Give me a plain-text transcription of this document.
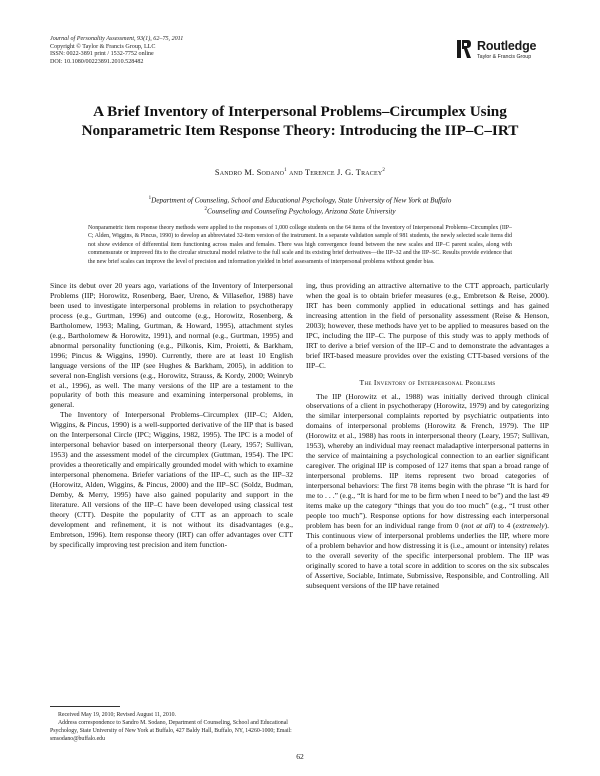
Journal of Personality Assessment, 93(1), 62–75, 2011
Copyright © Taylor & Francis Group, LLC
ISSN: 0022-3891 print / 1532-7752 online
DOI: 10.1080/00223891.2010.528482
Routledge
Taylor & Francis Group
A Brief Inventory of Interpersonal Problems–Circumplex Using Nonparametric Item Response Theory: Introducing the IIP–C–IRT
Sandro M. Sodano$^1$ and Terence J. G. Tracey$^2$
$^1$Department of Counseling, School and Educational Psychology, State University of New York at Buffalo
$^2$Counseling and Counseling Psychology, Arizona State University
Nonparametric item response theory methods were applied to the responses of 1,000 college students on the 64 items of the Inventory of Interpersonal Problems–Circumplex (IIP–C; Alden, Wiggins, & Pincus, 1990) to develop an abbreviated 32-item version of the instrument. In a separate validation sample of 981 students, the newly selected scale items did not show evidence of differential item functioning across males and females. There was high convergence found between the new scales and IIP–C parent scales, along with commensurate or improved fits to the circular structural model relative to the full scale and its existing brief derivatives—the IIP–32 and the IIP–SC. Results provide evidence that the new brief scales can improve the level of precision and information yielded in brief assessments of interpersonal problems without gender bias.

Since its debut over 20 years ago, variations of the Inventory of Interpersonal Problems (IIP; Horowitz, Rosenberg, Baer, Ureno, & Villaseñor, 1988) have been used to investigate interpersonal problems in relation to psychotherapy process (e.g., Gurtman, 1996) and outcome (e.g., Horowitz, Rosenberg, & Bartholomew, 1993; Maling, Gurtman, & Howard, 1995), attachment styles (e.g., Bartholomew & Horowitz, 1991), and normal (e.g., Gurtman, 1995) and abnormal personality functioning (e.g., Pilkonis, Kim, Proietti, & Barkham, 1996; Pincus & Wiggins, 1990). Currently, there are at least 10 English language versions of the IIP (see Hughes & Barkham, 2005), in addition to several non-English versions (e.g., Horowitz, Strauss, & Kordy, 2000; Weinryb et al., 1996), as well. The many versions of the IIP are a testament to the popularity of both this measure and examining interpersonal problems, in general.

The Inventory of Interpersonal Problems–Circumplex (IIP–C; Alden, Wiggins, & Pincus, 1990) is a well-supported derivative of the IIP that is based on the Interpersonal Circle (IPC; Wiggins, 1982, 1995). The IPC is a model of interpersonal behavior based on interpersonal theory (Leary, 1957; Sullivan, 1953) and the assessment model of the circumplex (Guttman, 1954). The IPC provides a theoretically and empirically grounded model with which to examine interpersonal phenomena. Briefer variations of the IIP–C, such as the IIP–32 (Horowitz, Alden, Wiggins, & Pincus, 2000) and the IIP–SC (Soldz, Budman, Demby, & Merry, 1995) have also gained popularity and support in the literature. All versions of the IIP–C have been developed using classical test theory (CTT). Despite the popularity of CTT as an approach to scale development and refinement, it is not without its disadvantages (e.g., Embretson, 1996). Item response theory (IRT) can offer advantages over CTT by specifically improving test precision and item function-

ing, thus providing an attractive alternative to the CTT approach, particularly when the goal is to obtain briefer measures (e.g., Embretson & Reise, 2000). IRT has been commonly applied in educational settings and has gained increasing attention in the field of personality assessment (Reise & Henson, 2003); however, these methods have yet to be applied to measures based on the IPC, including the IIP–C. The purpose of this study was to apply methods of IRT to derive a brief version of the IIP–C and to demonstrate the advantages a brief IRT-based measure provides over the existing CTT-based versions of the IIP–C.

The Inventory of Interpersonal Problems

The IIP (Horowitz et al., 1988) was initially derived through clinical observations of a client in psychotherapy (Horowitz, 1979) and by categorizing the similar interpersonal complaints reported by psychiatric outpatients into domains of interpersonal problems (Horowitz & French, 1979). The IIP (Horowitz et al., 1988) has roots in interpersonal theory (Leary, 1957; Sullivan, 1953), whereby an individual may reenact maladaptive interpersonal patterns in the service of maintaining a psychological connection to an earlier significant caregiver. The original IIP is composed of 127 items that span a broad range of interpersonal problems. IIP items represent two broad categories of interpersonal behaviors: The first 78 items begin with the phrase “It is hard for me to . . .” (e.g., “It is hard for me to be firm when I need to be”) and the last 49 items make up the category “things that you do too much” (e.g., “I trust other people too much”). Response options for how distressing each interpersonal problem has been for an individual range from 0 (not at all) to 4 (extremely). This continuous view of interpersonal problems underlies the IIP, where more of a problem behavior and how distressing it is (i.e., amount or intensity) relates to the overall severity of the specific interpersonal problem. The IIP was originally scored to have a total score in addition to scores on the six subscales of Assertive, Sociable, Intimate, Submissive, Responsible, and Controlling. All subsequent versions of the IIP have retained

Received May 19, 2010; Revised August 11, 2010.

Address correspondence to Sandro M. Sodano, Department of Counseling, School and Educational Psychology, State University of New York at Buffalo, 427 Baldy Hall, Buffalo, NY, 14260-1000; Email: smsodano@buffalo.edu

62
